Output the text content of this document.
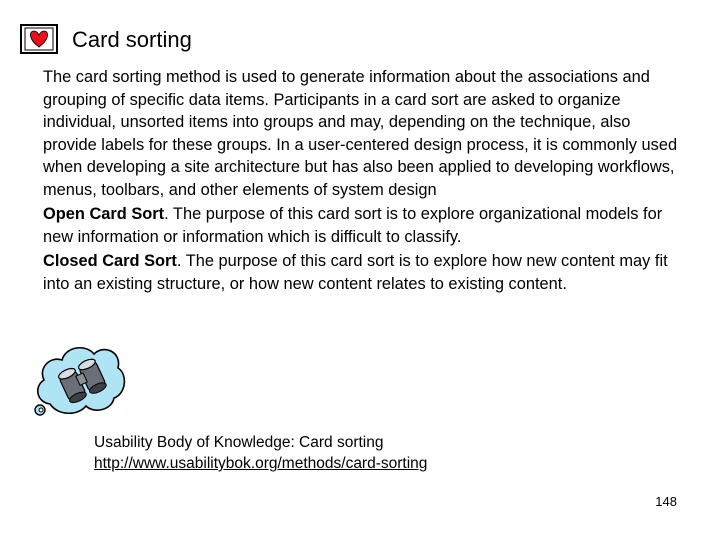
Card sorting

The card sorting method is used to generate information about the associations and grouping of specific data items. Participants in a card sort are asked to organize individual, unsorted items into groups and may, depending on the technique, also provide labels for these groups. In a user-centered design process, it is commonly used when developing a site architecture but has also been applied to developing workflows, menus, toolbars, and other elements of system design

Open Card Sort. The purpose of this card sort is to explore organizational models for new information or information which is difficult to classify.

Closed Card Sort. The purpose of this card sort is to explore how new content may fit into an existing structure, or how new content relates to existing content.

Usability Body of Knowledge: Card sorting
http://www.usabilitybok.org/methods/card-sorting
148
